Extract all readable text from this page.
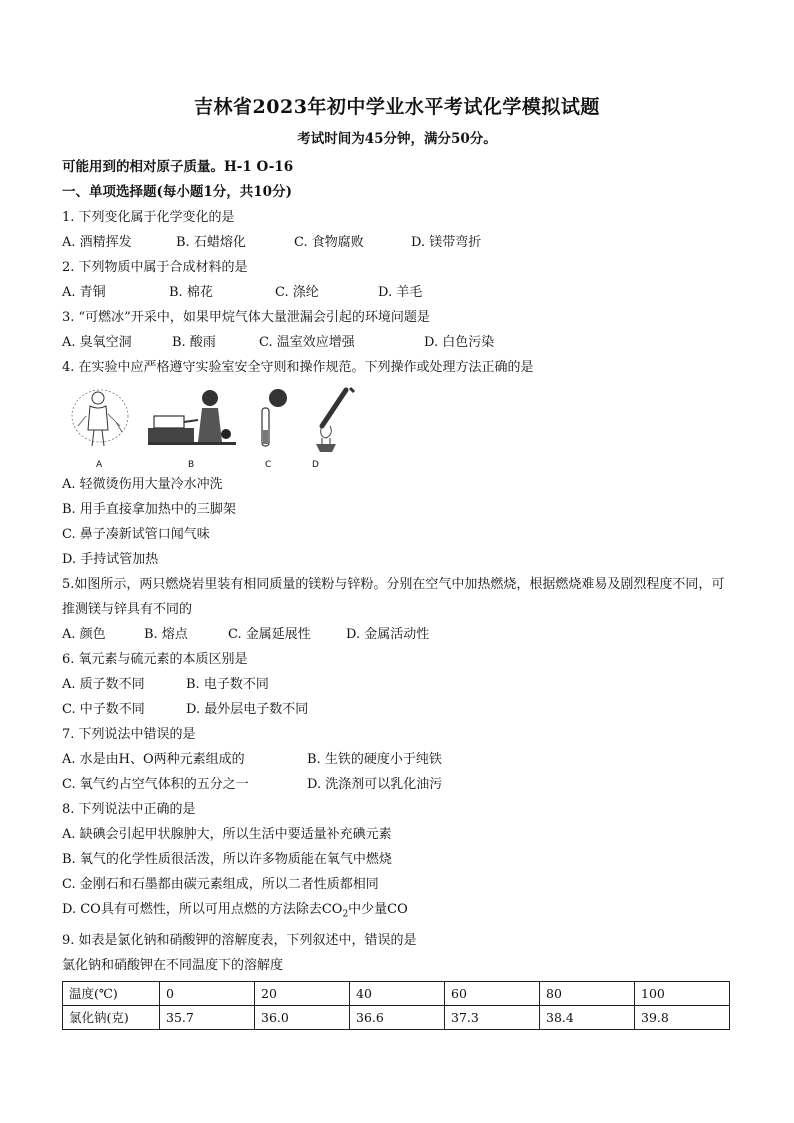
吉林省2023年初中学业水平考试化学模拟试题
考试时间为45分钟，满分50分。
可能用到的相对原子质量。H-1 O-16
一、单项选择题(每小题1分，共10分)
1. 下列变化属于化学变化的是
A. 酒精挥发	B. 石蜡熔化	C. 食物腐败	D. 镁带弯折
2. 下列物质中属于合成材料的是
A. 青铜	B. 棉花	C. 涤纶	D. 羊毛
3. “可燃冰”开采中，如果甲烷气体大量泄漏会引起的环境问题是
A. 臭氧空洞	B. 酸雨	C. 温室效应增强	D. 白色污染
4. 在实验中应严格遵守实验室安全守则和操作规范。下列操作或处理方法正确的是
A	B	C	D
A. 轻微烫伤用大量冷水冲洗
B. 用手直接拿加热中的三脚架
C. 鼻子凑新试管口闻气味
D. 手持试管加热
5.如图所示，两只燃烧岩里装有相同质量的镁粉与锌粉。分别在空气中加热燃烧，根据燃烧难易及剧烈程度不同，可推测镁与锌具有不同的
A. 颜色	B. 熔点	C. 金属延展性	D. 金属活动性
6. 氧元素与硫元素的本质区别是
A. 质子数不同	B. 电子数不同
C. 中子数不同	D. 最外层电子数不同
7. 下列说法中错误的是
A. 水是由H、O两种元素组成的	B. 生铁的硬度小于纯铁
C. 氧气约占空气体积的五分之一	D. 洗涤剂可以乳化油污
8. 下列说法中正确的是
A. 缺碘会引起甲状腺肿大，所以生活中要适量补充碘元素
B. 氧气的化学性质很活泼，所以许多物质能在氧气中燃烧
C. 金刚石和石墨都由碳元素组成，所以二者性质都相同
D. CO具有可燃性，所以可用点燃的方法除去$CO_2$中少量CO
9. 如表是氯化钠和硝酸钾的溶解度表，下列叙述中，错误的是
氯化钠和硝酸钾在不同温度下的溶解度
温度(℃)	0	20	40	60	80	100
氯化钠(克)	35.7	36.0	36.6	37.3	38.4	39.8
